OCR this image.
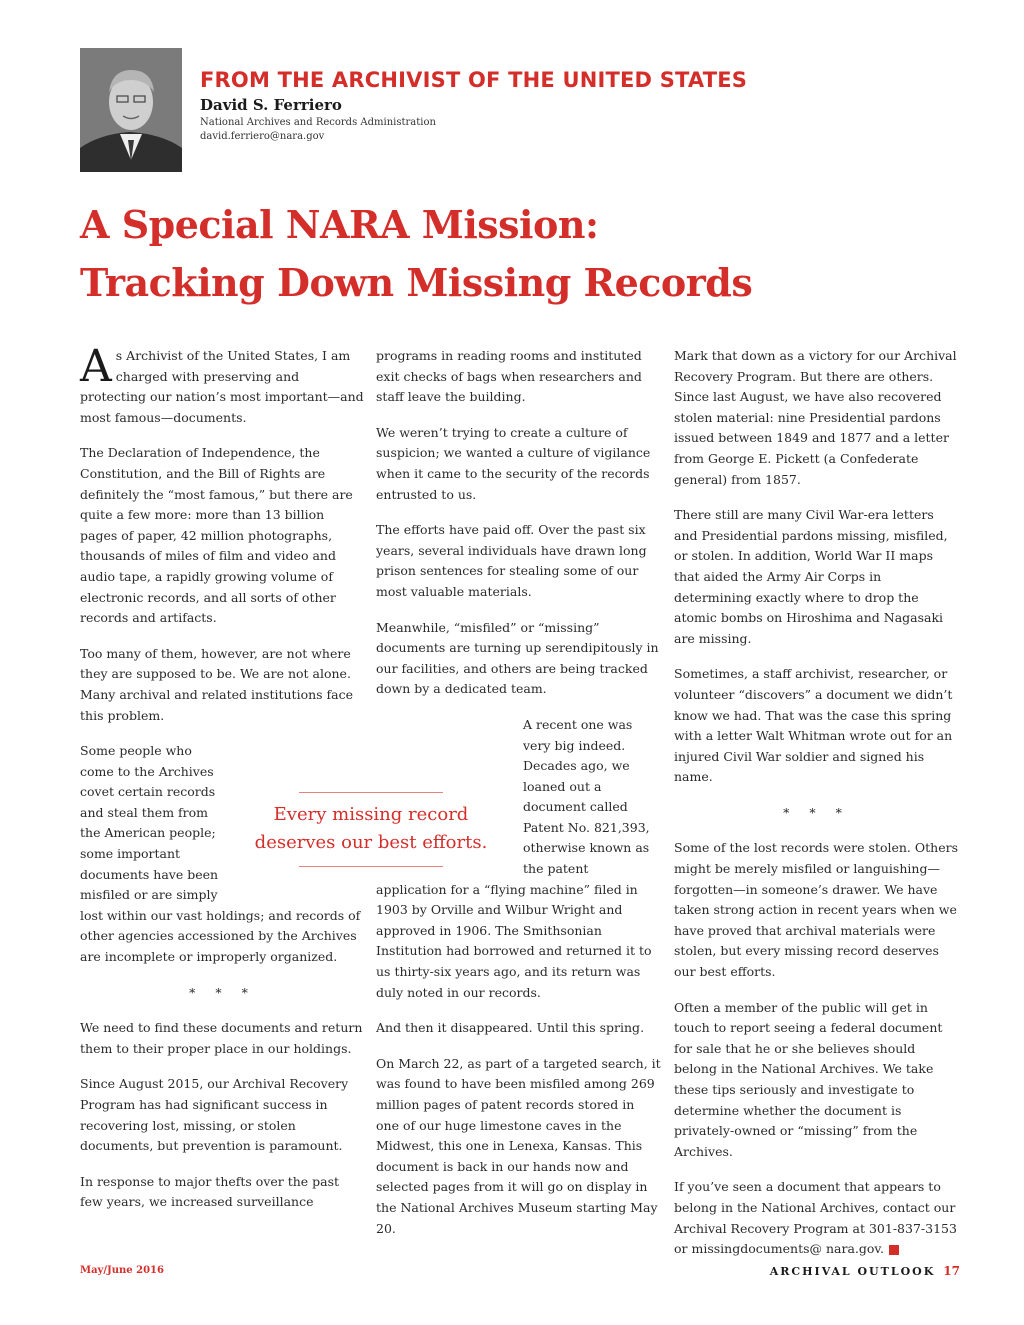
FROM THE ARCHIVIST OF THE UNITED STATES
David S. Ferriero
National Archives and Records Administration
david.ferriero@nara.gov
A Special NARA Mission:
Tracking Down Missing Records

As Archivist of the United States, I am charged with preserving and protecting our nation’s most important—and most famous—documents.

The Declaration of Independence, the Constitution, and the Bill of Rights are definitely the “most famous,” but there are quite a few more: more than 13 billion pages of paper, 42 million photographs, thousands of miles of film and video and audio tape, a rapidly growing volume of electronic records, and all sorts of other records and artifacts.

Too many of them, however, are not where they are supposed to be. We are not alone. Many archival and related institutions face this problem.

Some people who come to the Archives covet certain records and steal them from the American people; some important documents have been misfiled or are simply lost within our vast holdings; and records of other agencies accessioned by the Archives are incomplete or improperly organized.

* * *

We need to find these documents and return them to their proper place in our holdings.

Since August 2015, our Archival Recovery Program has had significant success in recovering lost, missing, or stolen documents, but prevention is paramount.

In response to major thefts over the past few years, we increased surveillance

programs in reading rooms and instituted exit checks of bags when researchers and staff leave the building.

We weren’t trying to create a culture of suspicion; we wanted a culture of vigilance when it came to the security of the records entrusted to us.

The efforts have paid off. Over the past six years, several individuals have drawn long prison sentences for stealing some of our most valuable materials.

Meanwhile, “misfiled” or “missing” documents are turning up serendipitously in our facilities, and others are being tracked down by a dedicated team.

A recent one was very big indeed. Decades ago, we loaned out a document called Patent No. 821,393, otherwise known as the patent application for a “flying machine” filed in 1903 by Orville and Wilbur Wright and approved in 1906. The Smithsonian Institution had borrowed and returned it to us thirty-six years ago, and its return was duly noted in our records.

And then it disappeared. Until this spring.

On March 22, as part of a targeted search, it was found to have been misfiled among 269 million pages of patent records stored in one of our huge limestone caves in the Midwest, this one in Lenexa, Kansas. This document is back in our hands now and selected pages from it will go on display in the National Archives Museum starting May 20.

Mark that down as a victory for our Archival Recovery Program. But there are others. Since last August, we have also recovered stolen material: nine Presidential pardons issued between 1849 and 1877 and a letter from George E. Pickett (a Confederate general) from 1857.

There still are many Civil War-era letters and Presidential pardons missing, misfiled, or stolen. In addition, World War II maps that aided the Army Air Corps in determining exactly where to drop the atomic bombs on Hiroshima and Nagasaki are missing.

Sometimes, a staff archivist, researcher, or volunteer “discovers” a document we didn’t know we had. That was the case this spring with a letter Walt Whitman wrote out for an injured Civil War soldier and signed his name.

* * *

Some of the lost records were stolen. Others might be merely misfiled or languishing—forgotten—in someone’s drawer. We have taken strong action in recent years when we have proved that archival materials were stolen, but every missing record deserves our best efforts.

Often a member of the public will get in touch to report seeing a federal document for sale that he or she believes should belong in the National Archives. We take these tips seriously and investigate to determine whether the document is privately-owned or “missing” from the Archives.

If you’ve seen a document that appears to belong in the National Archives, contact our Archival Recovery Program at 301-837-3153 or missingdocuments@ nara.gov.

Every missing record
deserves our best efforts.
May/June 2016	ARCHIVAL OUTLOOK 17
